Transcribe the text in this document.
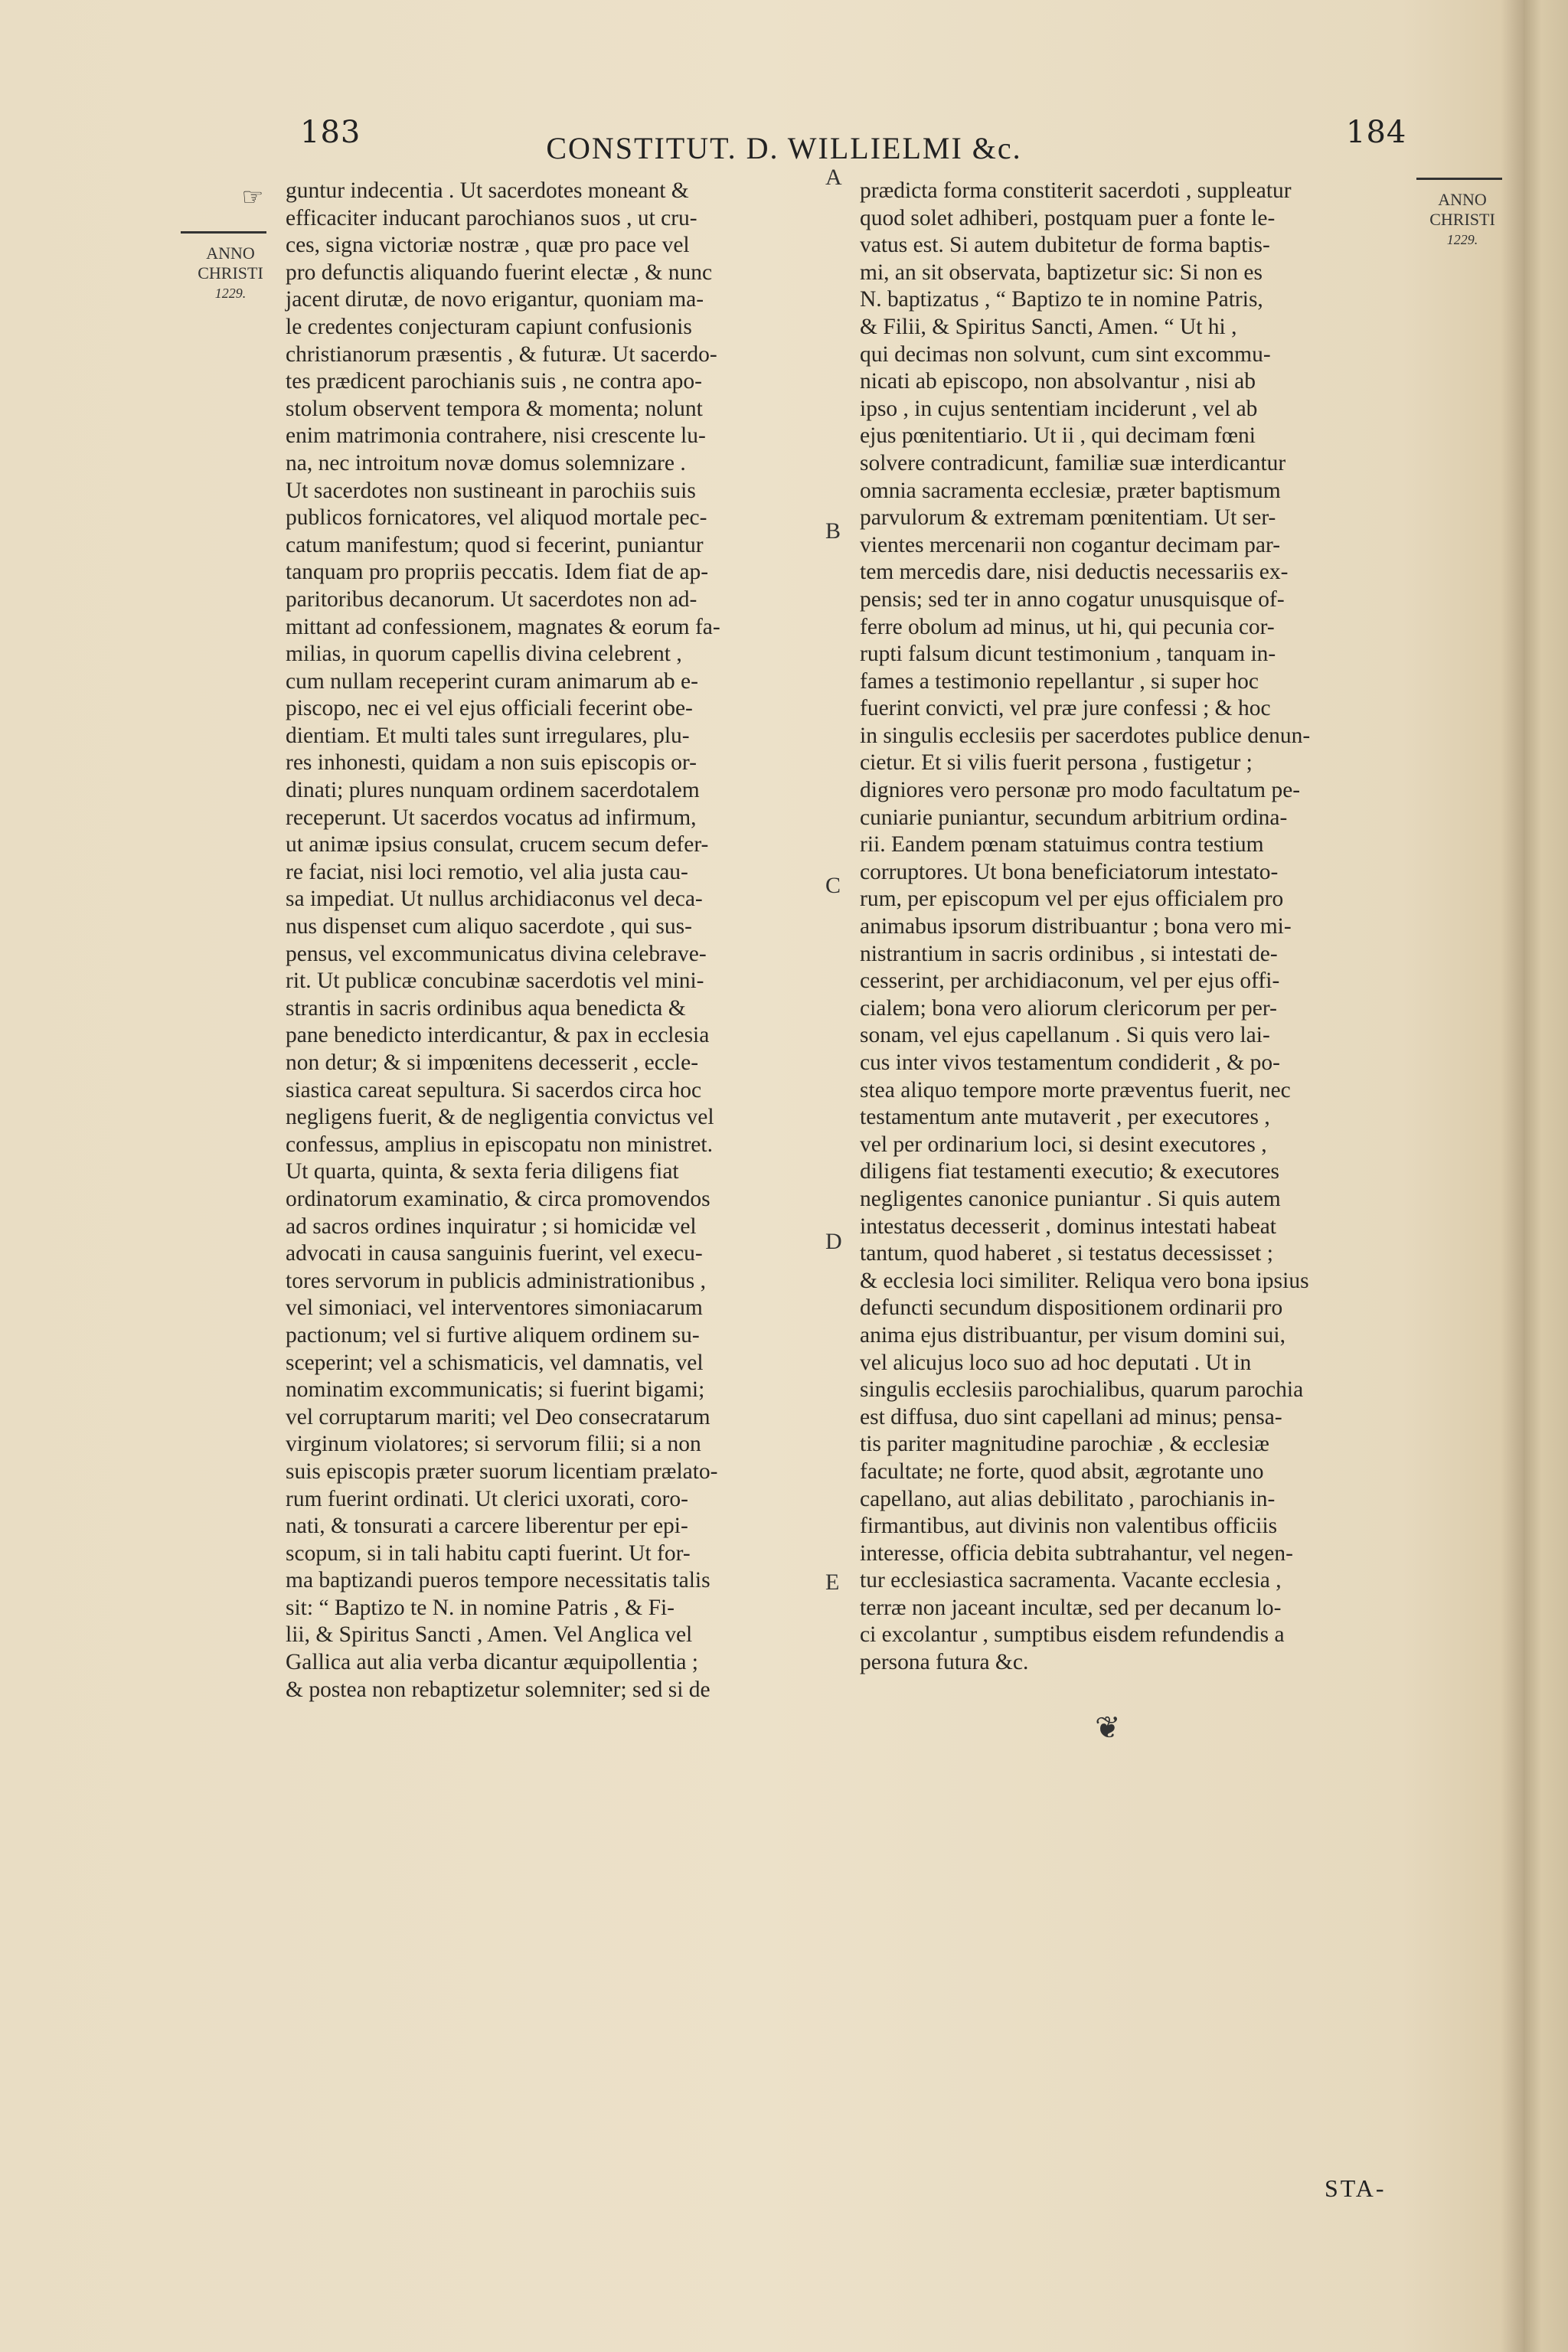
183	CONSTITUT. D. WILLIELMI &c.	184
☞
ANNO
CHRISTI
1229.
ANNO
CHRISTI
1229.
A
B
C
D
E

guntur indecentia . Ut sacerdotes moneant &

efficaciter inducant parochianos suos , ut cru-

ces, signa victoriæ nostræ , quæ pro pace vel

pro defunctis aliquando fuerint electæ , & nunc

jacent dirutæ, de novo erigantur, quoniam ma-

le credentes conjecturam capiunt confusionis

christianorum præsentis , & futuræ. Ut sacerdo-

tes prædicent parochianis suis , ne contra apo-

stolum observent tempora & momenta; nolunt

enim matrimonia contrahere, nisi crescente lu-

na, nec introitum novæ domus solemnizare .

Ut sacerdotes non sustineant in parochiis suis

publicos fornicatores, vel aliquod mortale pec-

catum manifestum; quod si fecerint, puniantur

tanquam pro propriis peccatis. Idem fiat de ap-

paritoribus decanorum. Ut sacerdotes non ad-

mittant ad confessionem, magnates & eorum fa-

milias, in quorum capellis divina celebrent ,

cum nullam receperint curam animarum ab e-

piscopo, nec ei vel ejus officiali fecerint obe-

dientiam. Et multi tales sunt irregulares, plu-

res inhonesti, quidam a non suis episcopis or-

dinati; plures nunquam ordinem sacerdotalem

receperunt. Ut sacerdos vocatus ad infirmum,

ut animæ ipsius consulat, crucem secum defer-

re faciat, nisi loci remotio, vel alia justa cau-

sa impediat. Ut nullus archidiaconus vel deca-

nus dispenset cum aliquo sacerdote , qui sus-

pensus, vel excommunicatus divina celebrave-

rit. Ut publicæ concubinæ sacerdotis vel mini-

strantis in sacris ordinibus aqua benedicta &

pane benedicto interdicantur, & pax in ecclesia

non detur; & si impœnitens decesserit , eccle-

siastica careat sepultura. Si sacerdos circa hoc

negligens fuerit, & de negligentia convictus vel

confessus, amplius in episcopatu non ministret.

Ut quarta, quinta, & sexta feria diligens fiat

ordinatorum examinatio, & circa promovendos

ad sacros ordines inquiratur ; si homicidæ vel

advocati in causa sanguinis fuerint, vel execu-

tores servorum in publicis administrationibus ,

vel simoniaci, vel interventores simoniacarum

pactionum; vel si furtive aliquem ordinem su-

sceperint; vel a schismaticis, vel damnatis, vel

nominatim excommunicatis; si fuerint bigami;

vel corruptarum mariti; vel Deo consecratarum

virginum violatores; si servorum filii; si a non

suis episcopis præter suorum licentiam prælato-

rum fuerint ordinati. Ut clerici uxorati, coro-

nati, & tonsurati a carcere liberentur per epi-

scopum, si in tali habitu capti fuerint. Ut for-

ma baptizandi pueros tempore necessitatis talis

sit: “ Baptizo te N. in nomine Patris , & Fi-

lii, & Spiritus Sancti , Amen. Vel Anglica vel

Gallica aut alia verba dicantur æquipollentia ;

& postea non rebaptizetur solemniter; sed si de

prædicta forma constiterit sacerdoti , suppleatur

quod solet adhiberi, postquam puer a fonte le-

vatus est. Si autem dubitetur de forma baptis-

mi, an sit observata, baptizetur sic: Si non es

N. baptizatus , “ Baptizo te in nomine Patris,

& Filii, & Spiritus Sancti, Amen. “ Ut hi ,

qui decimas non solvunt, cum sint excommu-

nicati ab episcopo, non absolvantur , nisi ab

ipso , in cujus sententiam inciderunt , vel ab

ejus pœnitentiario. Ut ii , qui decimam fœni

solvere contradicunt, familiæ suæ interdicantur

omnia sacramenta ecclesiæ, præter baptismum

parvulorum & extremam pœnitentiam. Ut ser-

vientes mercenarii non cogantur decimam par-

tem mercedis dare, nisi deductis necessariis ex-

pensis; sed ter in anno cogatur unusquisque of-

ferre obolum ad minus, ut hi, qui pecunia cor-

rupti falsum dicunt testimonium , tanquam in-

fames a testimonio repellantur , si super hoc

fuerint convicti, vel præ jure confessi ; & hoc

in singulis ecclesiis per sacerdotes publice denun-

cietur. Et si vilis fuerit persona , fustigetur ;

digniores vero personæ pro modo facultatum pe-

cuniarie puniantur, secundum arbitrium ordina-

rii. Eandem pœnam statuimus contra testium

corruptores. Ut bona beneficiatorum intestato-

rum, per episcopum vel per ejus officialem pro

animabus ipsorum distribuantur ; bona vero mi-

nistrantium in sacris ordinibus , si intestati de-

cesserint, per archidiaconum, vel per ejus offi-

cialem; bona vero aliorum clericorum per per-

sonam, vel ejus capellanum . Si quis vero lai-

cus inter vivos testamentum condiderit , & po-

stea aliquo tempore morte præventus fuerit, nec

testamentum ante mutaverit , per executores ,

vel per ordinarium loci, si desint executores ,

diligens fiat testamenti executio; & executores

negligentes canonice puniantur . Si quis autem

intestatus decesserit , dominus intestati habeat

tantum, quod haberet , si testatus decessisset ;

& ecclesia loci similiter. Reliqua vero bona ipsius

defuncti secundum dispositionem ordinarii pro

anima ejus distribuantur, per visum domini sui,

vel alicujus loco suo ad hoc deputati . Ut in

singulis ecclesiis parochialibus, quarum parochia

est diffusa, duo sint capellani ad minus; pensa-

tis pariter magnitudine parochiæ , & ecclesiæ

facultate; ne forte, quod absit, ægrotante uno

capellano, aut alias debilitato , parochianis in-

firmantibus, aut divinis non valentibus officiis

interesse, officia debita subtrahantur, vel negen-

tur ecclesiastica sacramenta. Vacante ecclesia ,

terræ non jaceant incultæ, sed per decanum lo-

ci excolantur , sumptibus eisdem refundendis a

persona futura &c.

❦
STA-
